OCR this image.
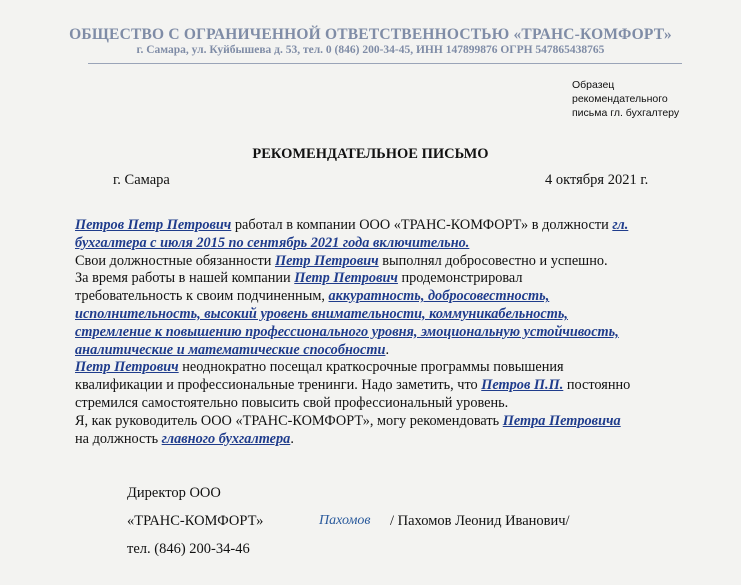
ОБЩЕСТВО С ОГРАНИЧЕННОЙ ОТВЕТСТВЕННОСТЬЮ «ТРАНС-КОМФОРТ»
г. Самара, ул. Куйбышева д. 53, тел. 0 (846) 200-34-45, ИНН 147899876 ОГРН 547865438765
Образец
рекомендательного
письма гл. бухгалтеру
РЕКОМЕНДАТЕЛЬНОЕ ПИСЬМО
г. Самара	4 октября 2021 г.
Петров Петр Петрович работал в компании ООО «ТРАНС-КОМФОРТ» в должности гл.
бухгалтера с июля 2015 по сентябрь 2021 года включительно.
Свои должностные обязанности Петр Петрович выполнял добросовестно и успешно.
За время работы в нашей компании Петр Петрович продемонстрировал
требовательность к своим подчиненным, аккуратность, добросовестность,
исполнительность, высокий уровень внимательности, коммуникабельность,
стремление к повышению профессионального уровня, эмоциональную устойчивость,
аналитические и математические способности.
Петр Петрович неоднократно посещал краткосрочные программы повышения
квалификации и профессиональные тренинги. Надо заметить, что Петров П.П. постоянно
стремился самостоятельно повысить свой профессиональный уровень.
Я, как руководитель ООО «ТРАНС-КОМФОРТ», могу рекомендовать Петра Петровича
на должность главного бухгалтера.
Директор ООО
«ТРАНС-КОМФОРТ»	Пахомов / Пахомов Леонид Иванович/
тел. (846) 200-34-46
